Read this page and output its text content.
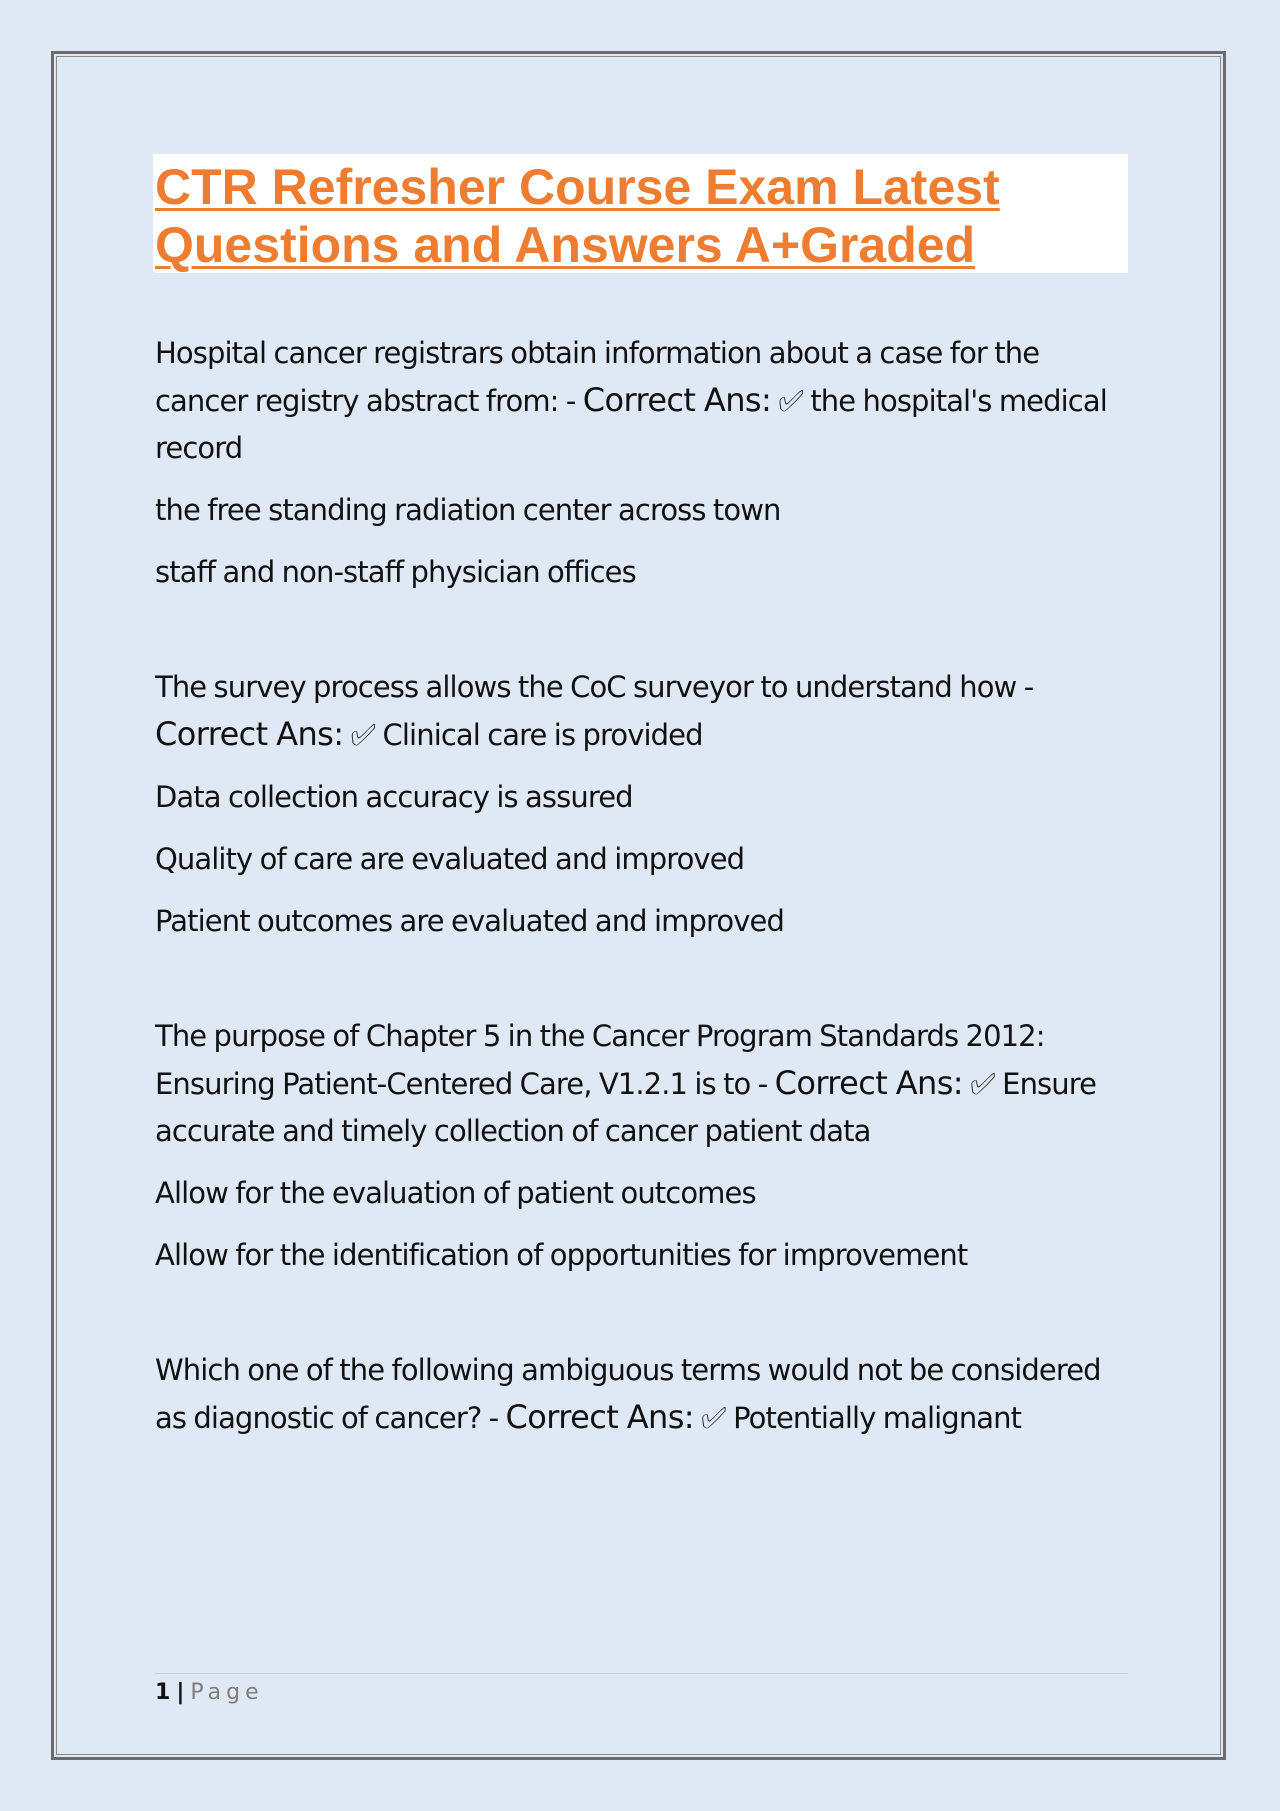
CTR Refresher Course Exam Latest
Questions and Answers A+Graded

Hospital cancer registrars obtain information about a case for the cancer registry abstract from: - Correct Ans: ✅︎ the hospital's medical record

the free standing radiation center across town

staff and non-staff physician offices

The survey process allows the CoC surveyor to understand how - Correct Ans: ✅︎ Clinical care is provided

Data collection accuracy is assured

Quality of care are evaluated and improved

Patient outcomes are evaluated and improved

The purpose of Chapter 5 in the Cancer Program Standards 2012: Ensuring Patient-Centered Care, V1.2.1 is to - Correct Ans: ✅︎ Ensure accurate and timely collection of cancer patient data

Allow for the evaluation of patient outcomes

Allow for the identification of opportunities for improvement

Which one of the following ambiguous terms would not be considered as diagnostic of cancer? - Correct Ans: ✅︎ Potentially malignant

1 | Page
